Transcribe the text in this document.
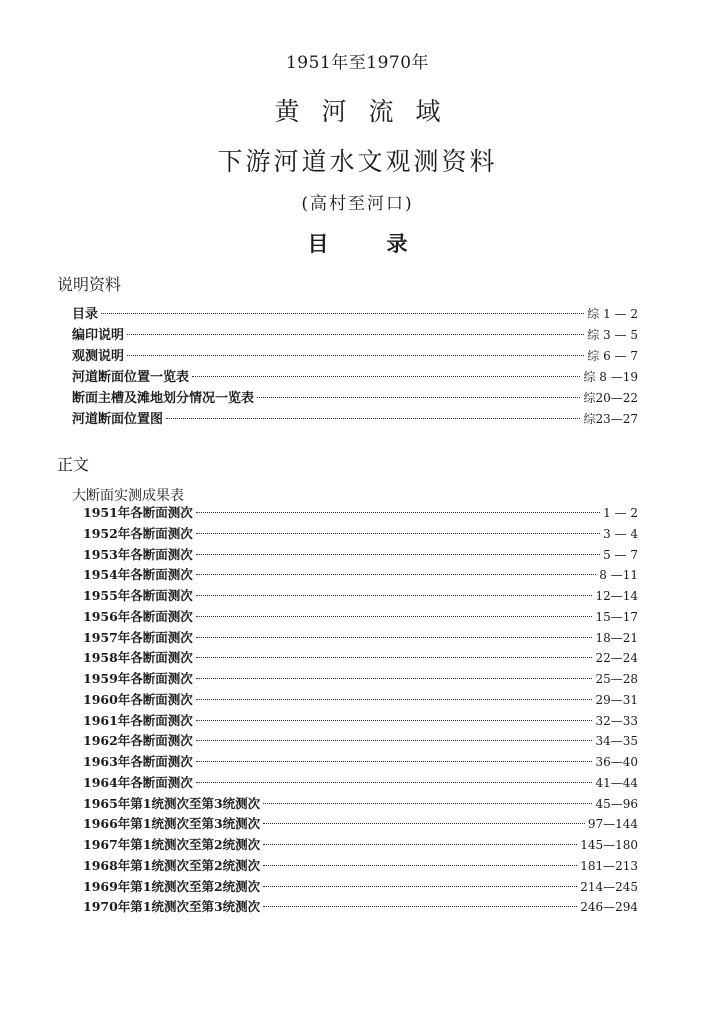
1951年至1970年
黄河流域
下游河道水文观测资料
(高村至河口)
目录
说明资料
目录	综 1 — 2
编印说明	综 3 — 5
观测说明	综 6 — 7
河道断面位置一览表	综 8 —19
断面主槽及滩地划分情况一览表	综20—22
河道断面位置图	综23—27
正文
大断面实测成果表
1951年各断面测次	1 — 2
1952年各断面测次	3 — 4
1953年各断面测次	5 — 7
1954年各断面测次	8 —11
1955年各断面测次	12—14
1956年各断面测次	15—17
1957年各断面测次	18—21
1958年各断面测次	22—24
1959年各断面测次	25—28
1960年各断面测次	29—31
1961年各断面测次	32—33
1962年各断面测次	34—35
1963年各断面测次	36—40
1964年各断面测次	41—44
1965年第1统测次至第3统测次	45—96
1966年第1统测次至第3统测次	97—144
1967年第1统测次至第2统测次	145—180
1968年第1统测次至第2统测次	181—213
1969年第1统测次至第2统测次	214—245
1970年第1统测次至第3统测次	246—294
